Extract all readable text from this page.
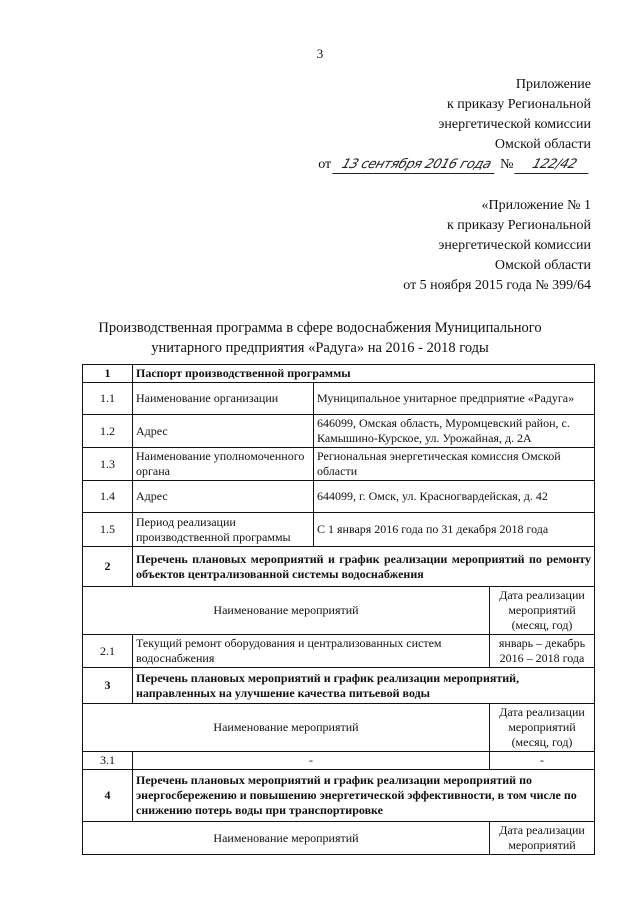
3
Приложение
к приказу Региональной
энергетической комиссии
Омской области
от 13 сентября 2016 года № 122/42
«Приложение № 1
к приказу Региональной
энергетической комиссии
Омской области
от 5 ноября 2015 года № 399/64
Производственная программа в сфере водоснабжения Муниципального
унитарного предприятия «Радуга» на 2016 - 2018 годы
1	Паспорт производственной программы		
1.1	Наименование организации	Муниципальное унитарное предприятие «Радуга»	
1.2	Адрес	646099, Омская область, Муромцевский район, с. Камышино-Курское, ул. Урожайная, д. 2А	
1.3	Наименование уполномоченного органа	Региональная энергетическая комиссия Омской области	
1.4	Адрес	644099, г. Омск, ул. Красногвардейская, д. 42	
1.5	Период реализации производственной программы	С 1 января 2016 года по 31 декабря 2018 года	
2	Перечень плановых мероприятий и график реализации мероприятий по ремонту объектов централизованной системы водоснабжения		
Наименование мероприятий			Дата реализации мероприятий (месяц, год)
2.1	Текущий ремонт оборудования и централизованных систем водоснабжения		январь – декабрь 2016 – 2018 года
3	Перечень плановых мероприятий и график реализации мероприятий, направленных на улучшение качества питьевой воды		
Наименование мероприятий			Дата реализации мероприятий (месяц, год)
3.1	-		-
4	Перечень плановых мероприятий и график реализации мероприятий по энергосбережению и повышению энергетической эффективности, в том числе по снижению потерь воды при транспортировке		
Наименование мероприятий			Дата реализации мероприятий
